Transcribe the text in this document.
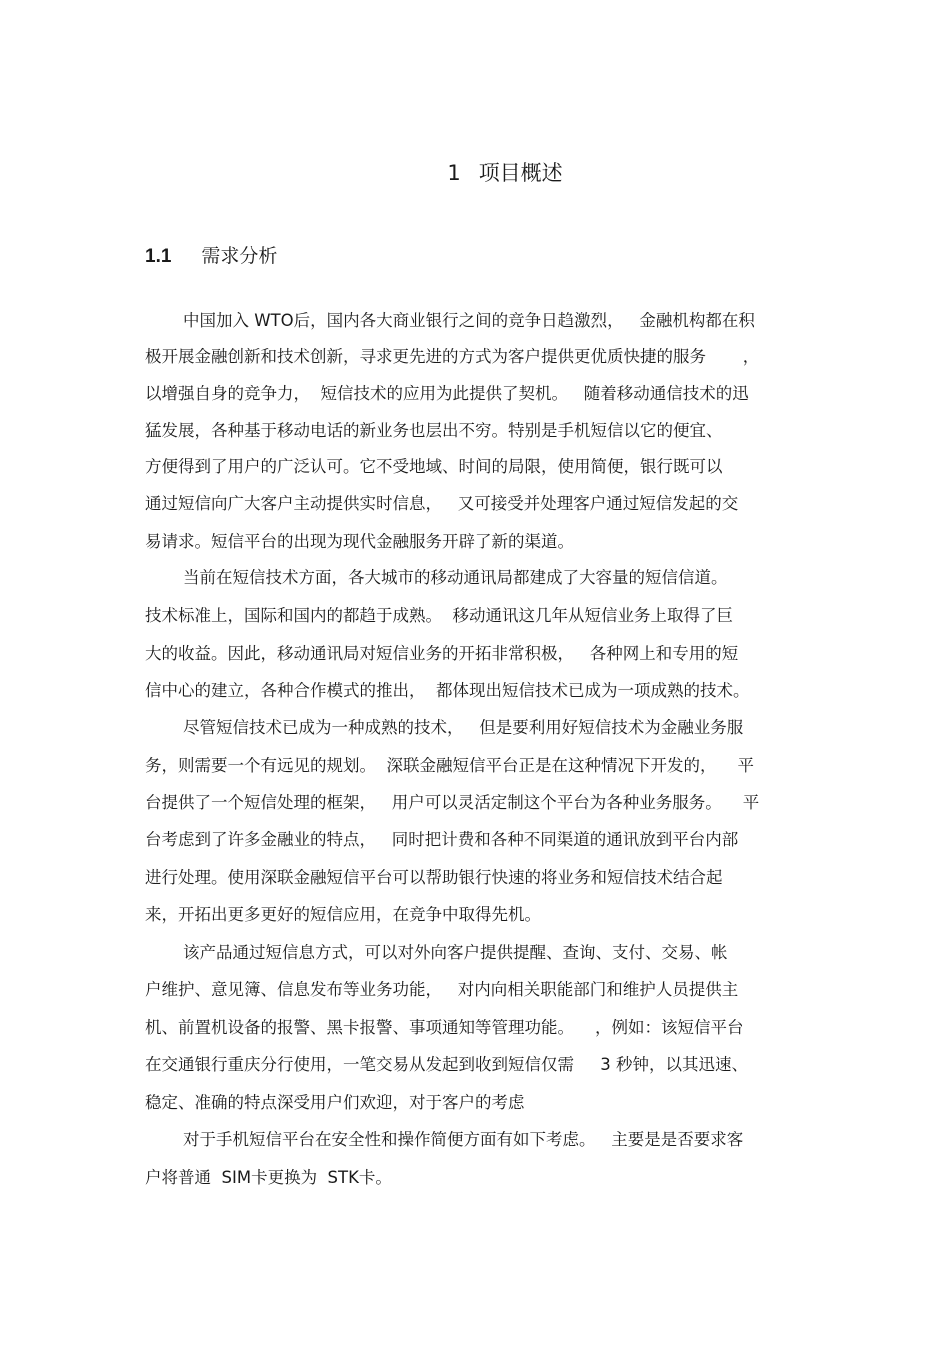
1 项目概述
1.1 需求分析

中国加入 WTO后，国内各大商业银行之间的竞争日趋激烈，   金融机构都在积

极开展金融创新和技术创新，寻求更先进的方式为客户提供更优质快捷的服务       ，

以增强自身的竞争力，  短信技术的应用为此提供了契机。   随着移动通信技术的迅

猛发展，各种基于移动电话的新业务也层出不穷。特别是手机短信以它的便宜、

方便得到了用户的广泛认可。它不受地域、时间的局限，使用简便，银行既可以

通过短信向广大客户主动提供实时信息，   又可接受并处理客户通过短信发起的交

易请求。短信平台的出现为现代金融服务开辟了新的渠道。

当前在短信技术方面，各大城市的移动通讯局都建成了大容量的短信信道。

技术标准上，国际和国内的都趋于成熟。  移动通讯这几年从短信业务上取得了巨

大的收益。因此，移动通讯局对短信业务的开拓非常积极，   各种网上和专用的短

信中心的建立，各种合作模式的推出，  都体现出短信技术已成为一项成熟的技术。

尽管短信技术已成为一种成熟的技术，   但是要利用好短信技术为金融业务服

务，则需要一个有远见的规划。  深联金融短信平台正是在这种情况下开发的，    平

台提供了一个短信处理的框架，   用户可以灵活定制这个平台为各种业务服务。    平

台考虑到了许多金融业的特点，   同时把计费和各种不同渠道的通讯放到平台内部

进行处理。使用深联金融短信平台可以帮助银行快速的将业务和短信技术结合起

来，开拓出更多更好的短信应用，在竞争中取得先机。

该产品通过短信息方式，可以对外向客户提供提醒、查询、支付、交易、帐

户维护、意见簿、信息发布等业务功能，   对内向相关职能部门和维护人员提供主

机、前置机设备的报警、黑卡报警、事项通知等管理功能。    ，例如：该短信平台

在交通银行重庆分行使用，一笔交易从发起到收到短信仅需     3 秒钟，以其迅速、

稳定、准确的特点深受用户们欢迎，对于客户的考虑

对于手机短信平台在安全性和操作简便方面有如下考虑。   主要是是否要求客

户将普通  SIM卡更换为  STK卡。
